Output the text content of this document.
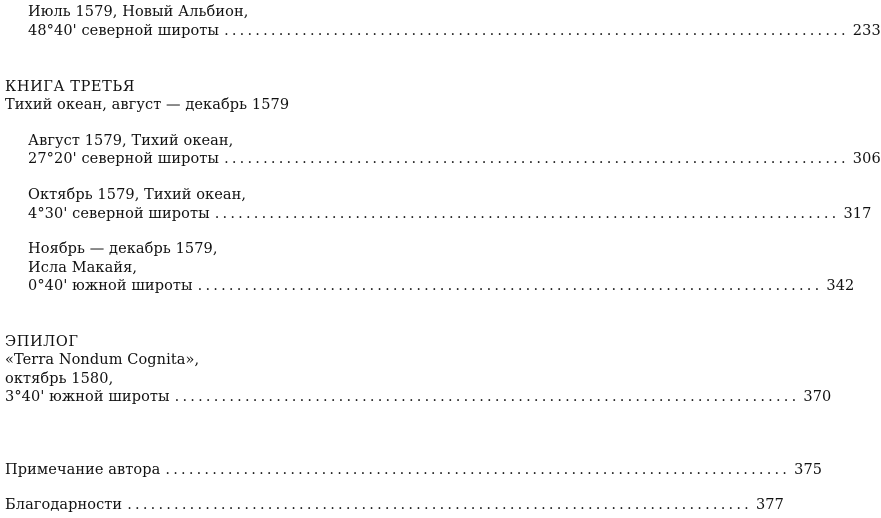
Июль 1579, Новый Альбион,
48°40' северной широты ................................................................................ 233
КНИГА ТРЕТЬЯ
Тихий океан, август — декабрь 1579
Август 1579, Тихий океан,
27°20' северной широты ................................................................................ 306
Октябрь 1579, Тихий океан,
4°30' северной широты ................................................................................ 317
Ноябрь — декабрь 1579,
Исла Макайя,
0°40' южной широты ................................................................................ 342
ЭПИЛОГ
«Terra Nondum Cognita»,
октябрь 1580,
3°40' южной широты ................................................................................ 370
Примечание автора ................................................................................ 375
Благодарности ................................................................................ 377
